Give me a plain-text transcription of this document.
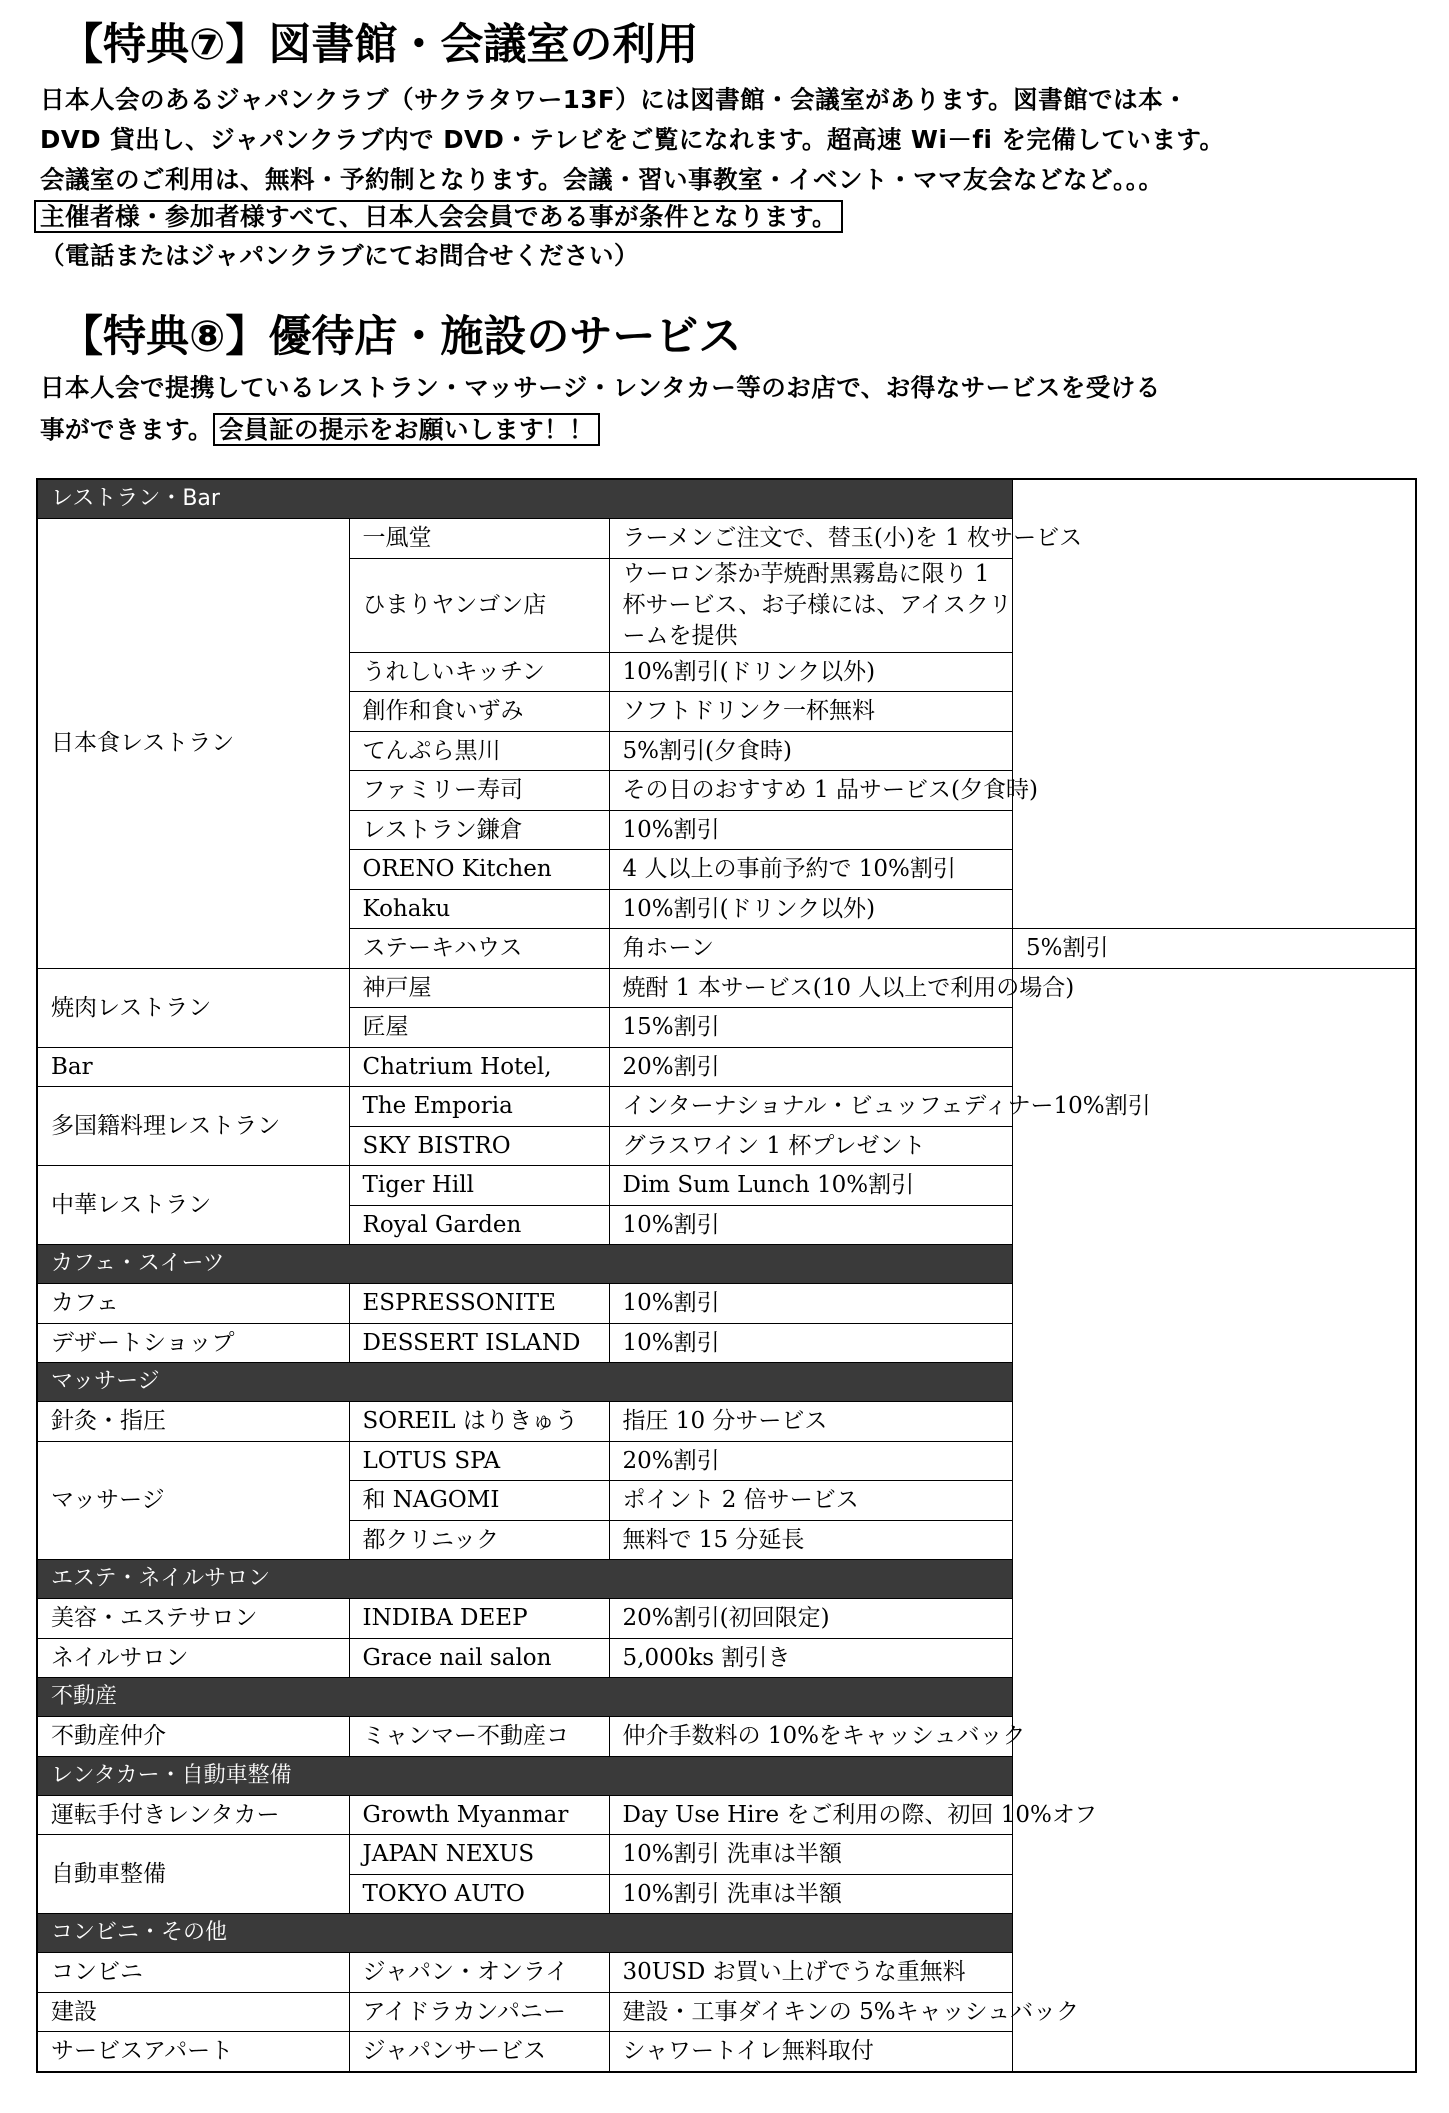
【特典⑦】図書館・会議室の利用
日本人会のあるジャパンクラブ（サクラタワー13F）には図書館・会議室があります。図書館では本・
DVD 貸出し、ジャパンクラブ内で DVD・テレビをご覧になれます。超高速 Wi－fi を完備しています。
会議室のご利用は、無料・予約制となります。会議・習い事教室・イベント・ママ友会などなど。。。
主催者様・参加者様すべて、日本人会会員である事が条件となります。
（電話またはジャパンクラブにてお問合せください）
【特典⑧】優待店・施設のサービス
日本人会で提携しているレストラン・マッサージ・レンタカー等のお店で、お得なサービスを受ける
事ができます。 会員証の提示をお願いします！！
レストラン・Bar			
日本食レストラン	一風堂	ラーメンご注文で、替玉(小)を 1 枚サービス	
	ひまりヤンゴン店	ウーロン茶か芋焼酎黒霧島に限り 1 杯サービス、お子様には、アイスクリームを提供	
	うれしいキッチン	10%割引(ドリンク以外)	
	創作和食いずみ	ソフトドリンク一杯無料	
	てんぷら黒川	5%割引(夕食時)	
	ファミリー寿司	その日のおすすめ 1 品サービス(夕食時)	
	レストラン鎌倉	10%割引	
	ORENO Kitchen	4 人以上の事前予約で 10%割引	
	Kohaku	10%割引(ドリンク以外)	
	ステーキハウス	角ホーン	5%割引
焼肉レストラン	神戸屋	焼酎 1 本サービス(10 人以上で利用の場合)	
	匠屋	15%割引	
Bar	Chatrium Hotel,	20%割引	
多国籍料理レストラン	The Emporia	インターナショナル・ビュッフェディナー10%割引	
	SKY BISTRO	グラスワイン 1 杯プレゼント	
中華レストラン	Tiger Hill	Dim Sum Lunch 10%割引	
	Royal Garden	10%割引	
カフェ・スイーツ			
カフェ	ESPRESSONITE	10%割引	
デザートショップ	DESSERT ISLAND	10%割引	
マッサージ			
針灸・指圧	SOREIL はりきゅう	指圧 10 分サービス	
マッサージ	LOTUS SPA	20%割引	
	和 NAGOMI	ポイント 2 倍サービス	
	都クリニック	無料で 15 分延長	
エステ・ネイルサロン			
美容・エステサロン	INDIBA DEEP	20%割引(初回限定)	
ネイルサロン	Grace nail salon	5,000ks 割引き	
不動産			
不動産仲介	ミャンマー不動産コ	仲介手数料の 10%をキャッシュバック	
レンタカー・自動車整備			
運転手付きレンタカー	Growth Myanmar	Day Use Hire をご利用の際、初回 10%オフ	
自動車整備	JAPAN NEXUS	10%割引 洗車は半額	
	TOKYO AUTO	10%割引 洗車は半額	
コンビニ・その他			
コンビニ	ジャパン・オンライ	30USD お買い上げでうな重無料	
建設	アイドラカンパニー	建設・工事ダイキンの 5%キャッシュバック	
サービスアパート	ジャパンサービス	シャワートイレ無料取付	
